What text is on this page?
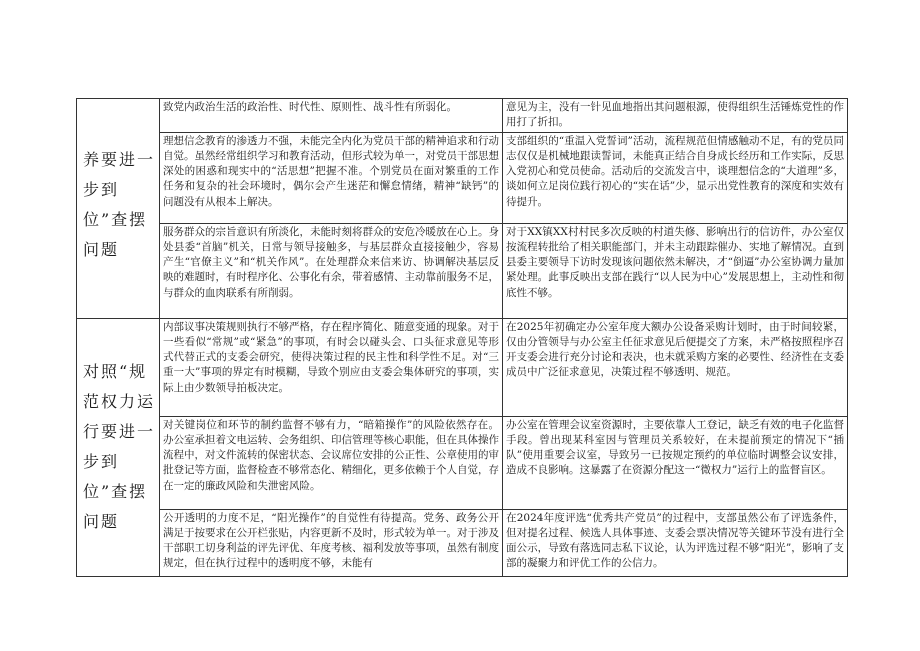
养要进一步到位”查摆问题	致党内政治生活的政治性、时代性、原则性、战斗性有所弱化。	意见为主，没有一针见血地指出其问题根源，使得组织生活锤炼党性的作用打了折扣。

	理想信念教育的渗透力不强，未能完全内化为党员干部的精神追求和行动自觉。虽然经常组织学习和教育活动，但形式较为单一，对党员干部思想深处的困惑和现实中的“活思想”把握不准。个别党员在面对繁重的工作任务和复杂的社会环境时，偶尔会产生迷茫和懈怠情绪，精神“缺钙”的问题没有从根本上解决。	支部组织的“重温入党誓词”活动，流程规范但情感触动不足，有的党员同志仅仅是机械地跟读誓词，未能真正结合自身成长经历和工作实际，反思入党初心和党员使命。活动后的交流发言中，谈理想信念的“大道理”多，谈如何立足岗位践行初心的“实在话”少，显示出党性教育的深度和实效有待提升。

	服务群众的宗旨意识有所淡化，未能时刻将群众的安危冷暖放在心上。身处县委“首脑”机关，日常与领导接触多，与基层群众直接接触少，容易产生“官僚主义”和“机关作风”。在处理群众来信来访、协调解决基层反映的难题时，有时程序化、公事化有余，带着感情、主动靠前服务不足，与群众的血肉联系有所削弱。	对于XX镇XX村村民多次反映的村道失修、影响出行的信访件，办公室仅按流程转批给了相关职能部门，并未主动跟踪催办、实地了解情况。直到县委主要领导下访时发现该问题依然未解决，才“倒逼”办公室协调力量加紧处理。此事反映出支部在践行“以人民为中心”发展思想上，主动性和彻底性不够。

对照“规范权力运行要进一步到位”查摆问题	内部议事决策规则执行不够严格，存在程序简化、随意变通的现象。对于一些看似“常规”或“紧急”的事项，有时会以碰头会、口头征求意见等形式代替正式的支委会研究，使得决策过程的民主性和科学性不足。对“三重一大”事项的界定有时模糊，导致个别应由支委会集体研究的事项，实际上由少数领导拍板决定。	在2025年初确定办公室年度大额办公设备采购计划时，由于时间较紧，仅由分管领导与办公室主任征求意见后便提交了方案，未严格按照程序召开支委会进行充分讨论和表决，也未就采购方案的必要性、经济性在支委成员中广泛征求意见，决策过程不够透明、规范。

	对关键岗位和环节的制约监督不够有力，“暗箱操作”的风险依然存在。办公室承担着文电运转、会务组织、印信管理等核心职能，但在具体操作流程中，对文件流转的保密状态、会议席位安排的公正性、公章使用的审批登记等方面，监督检查不够常态化、精细化，更多依赖于个人自觉，存在一定的廉政风险和失泄密风险。	办公室在管理会议室资源时，主要依靠人工登记，缺乏有效的电子化监督手段。曾出现某科室因与管理员关系较好，在未提前预定的情况下“插队”使用重要会议室，导致另一已按规定预约的单位临时调整会议安排，造成不良影响。这暴露了在资源分配这一“微权力”运行上的监督盲区。

	公开透明的力度不足，“阳光操作”的自觉性有待提高。党务、政务公开满足于按要求在公开栏张贴，内容更新不及时，形式较为单一。对于涉及干部职工切身利益的评先评优、年度考核、福利发放等事项，虽然有制度规定，但在执行过程中的透明度不够，未能有	在2024年度评选“优秀共产党员”的过程中，支部虽然公布了评选条件，但对提名过程、候选人具体事迹、支委会票决情况等关键环节没有进行全面公示，导致有落选同志私下议论，认为评选过程不够“阳光”，影响了支部的凝聚力和评优工作的公信力。
